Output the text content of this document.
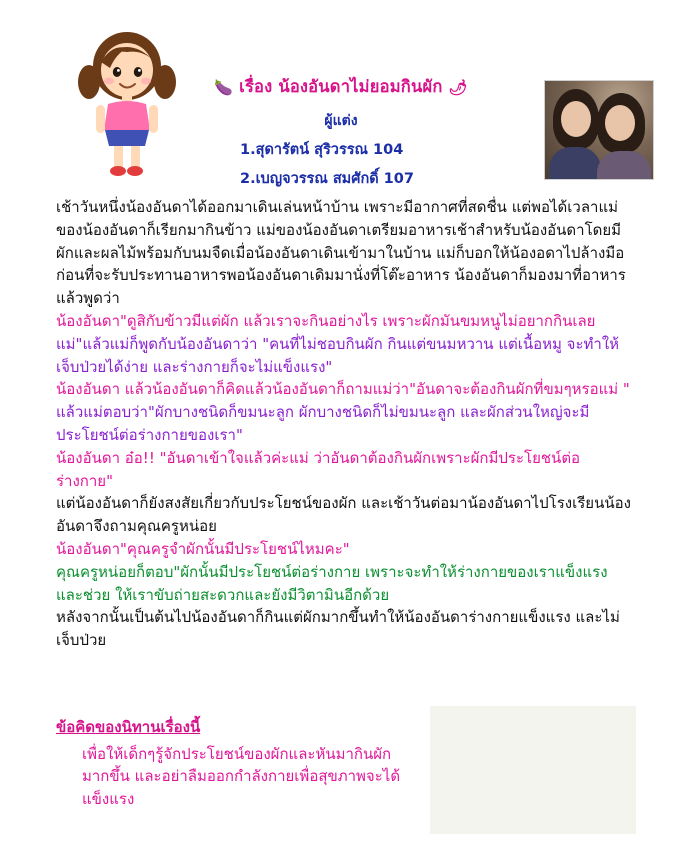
🍆 เรื่อง น้องอันดาไม่ยอมกินผัก 🌶
ผู้แต่ง
1.สุดารัตน์ สุริวรรณ 104
2.เบญจวรรณ สมศักดิ์ 107

เช้าวันหนึ่งน้องอันดาได้ออกมาเดินเล่นหน้าบ้าน เพราะมีอากาศที่สดชื่น แต่พอได้เวลาแม่ของน้องอันดาก็เรียกมากินข้าว แม่ของน้องอันดาเตรียมอาหารเช้าสำหรับน้องอันดาโดยมีผักและผลไม้พร้อมกับนมจืดเมื่อน้องอันดาเดินเข้ามาในบ้าน แม่ก็บอกให้น้องอดาไปล้างมือก่อนที่จะรับประทานอาหารพอน้องอันดาเดิมมานั่งที่โต๊ะอาหาร น้องอันดาก็มองมาที่อาหารแล้วพูดว่า

น้องอันดา"ดูสิกับข้าวมีแต่ผัก แล้วเราจะกินอย่างไร เพราะผักมันขมหนูไม่อยากกินเลย

แม่"แล้วแม่ก็พูดกับน้องอันดาว่า "คนที่ไม่ชอบกินผัก กินแต่ขนมหวาน แต่เนื้อหมู จะทำให้เจ็บป่วยได้ง่าย และร่างกายก็จะไม่แข็งแรง"

น้องอันดา แล้วน้องอันดาก็คิดแล้วน้องอันดาก็ถามแม่ว่า"อันดาจะต้องกินผักที่ขมๆหรอแม่ "

แล้วแม่ตอบว่า"ผักบางชนิดก็ขมนะลูก ผักบางชนิดก็ไม่ขมนะลูก และผักส่วนใหญ่จะมีประโยชน์ต่อร่างกายของเรา"

น้องอันดา อ๋อ!! "อันดาเข้าใจแล้วค่ะแม่ ว่าอันดาต้องกินผักเพราะผักมีประโยชน์ต่อร่างกาย"

แต่น้องอันดาก็ยังสงสัยเกี่ยวกับประโยชน์ของผัก และเช้าวันต่อมาน้องอันดาไปโรงเรียนน้องอันดาจึงถามคุณครูหน่อย

น้องอันดา"คุณครูจำผักนั้นมีประโยชน์ไหมคะ"

คุณครูหน่อยก็ตอบ"ผักนั้นมีประโยชน์ต่อร่างกาย เพราะจะทำให้ร่างกายของเราแข็งแรง และช่วย ให้เราขับถ่ายสะดวกและยังมีวิตามินอีกด้วย

หลังจากนั้นเป็นต้นไปน้องอันดาก็กินแต่ผักมากขึ้นทำให้น้องอันดาร่างกายแข็งแรง และไม่เจ็บป่วย

ข้อคิดของนิทานเรื่องนี้
เพื่อให้เด็กๆรู้จักประโยชน์ของผักและหันมากินผักมากขึ้น และอย่าลืมออกกำลังกายเพื่อสุขภาพจะได้แข็งแรง
